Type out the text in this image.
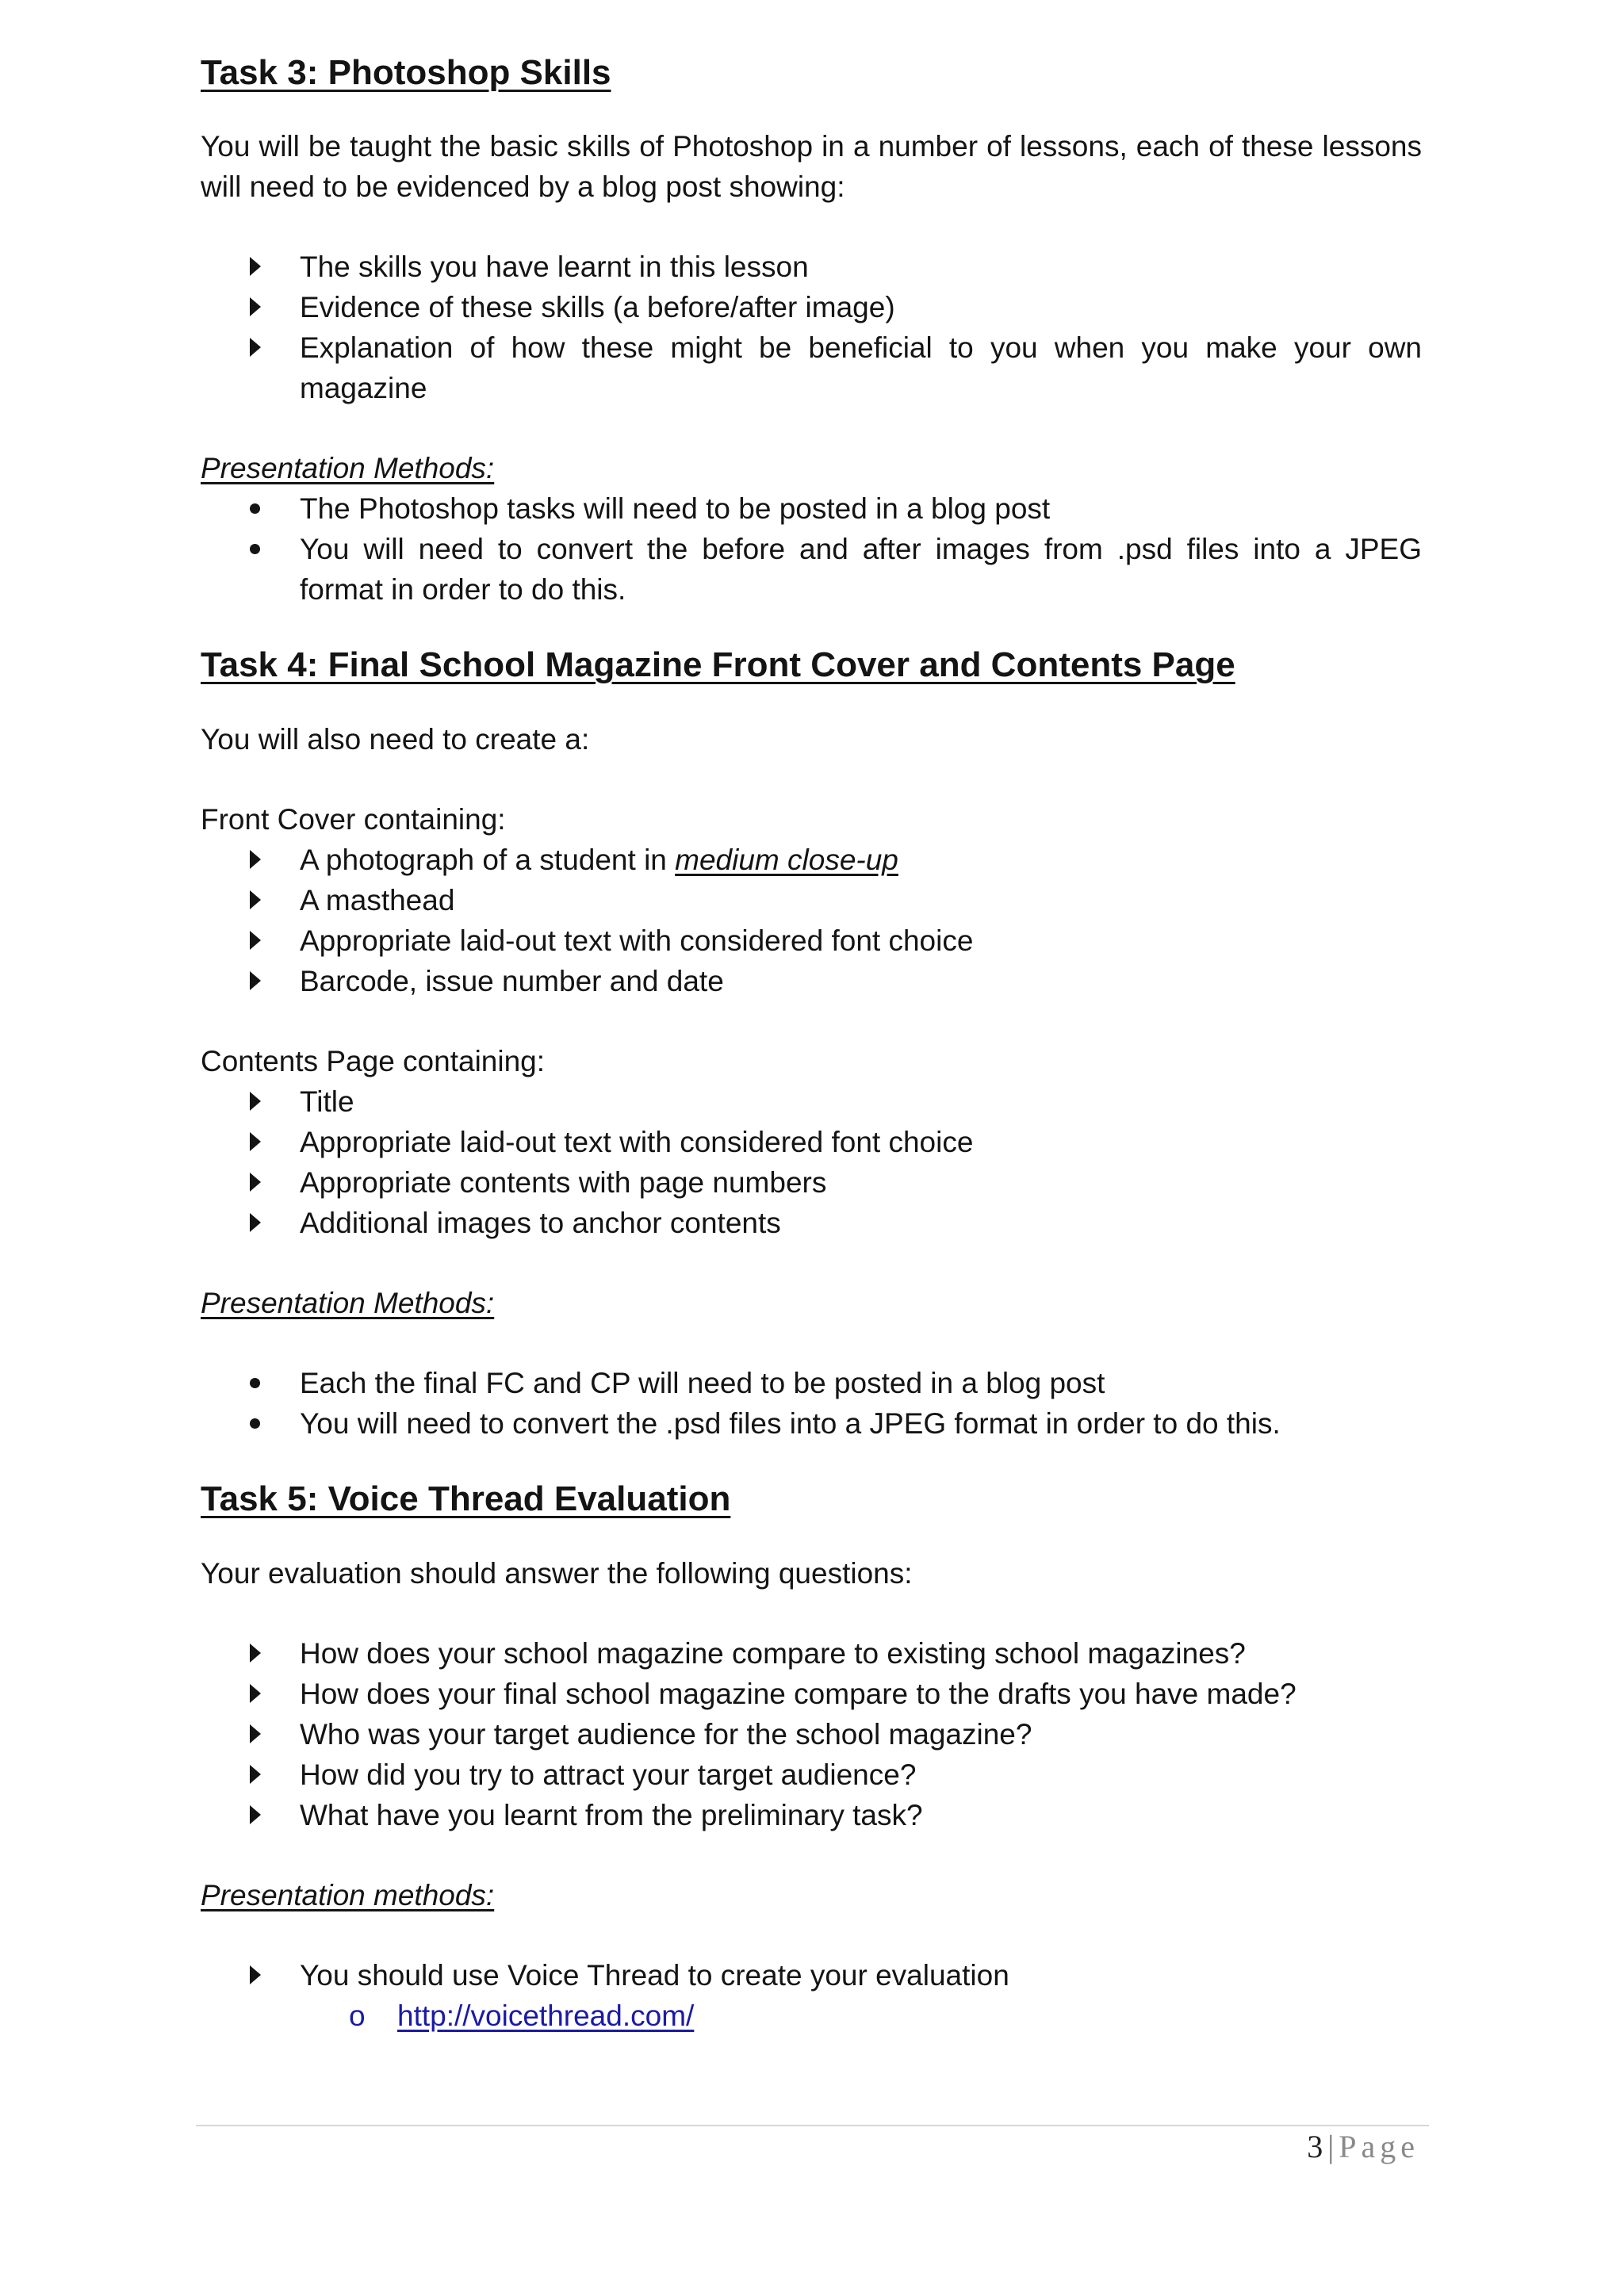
Task 3: Photoshop Skills

You will be taught the basic skills of Photoshop in a number of lessons, each of these lessons will need to be evidenced by a blog post showing:

The skills you have learnt in this lesson
Evidence of these skills (a before/after image)
Explanation of how these might be beneficial to you when you make your own magazine

Presentation Methods:

The Photoshop tasks will need to be posted in a blog post
You will need to convert the before and after images from .psd files into a JPEG format in order to do this.
Task 4: Final School Magazine Front Cover and Contents Page

You will also need to create a:

Front Cover containing:

A photograph of a student in medium close-up
A masthead
Appropriate laid-out text with considered font choice
Barcode, issue number and date

Contents Page containing:

Title
Appropriate laid-out text with considered font choice
Appropriate contents with page numbers
Additional images to anchor contents

Presentation Methods:

Each the final FC and CP will need to be posted in a blog post
You will need to convert the .psd files into a JPEG format in order to do this.
Task 5: Voice Thread Evaluation

Your evaluation should answer the following questions:

How does your school magazine compare to existing school magazines?
How does your final school magazine compare to the drafts you have made?
Who was your target audience for the school magazine?
How did you try to attract your target audience?
What have you learnt from the preliminary task?

Presentation methods:

You should use Voice Thread to create your evaluation
o http://voicethread.com/
3 | Page
